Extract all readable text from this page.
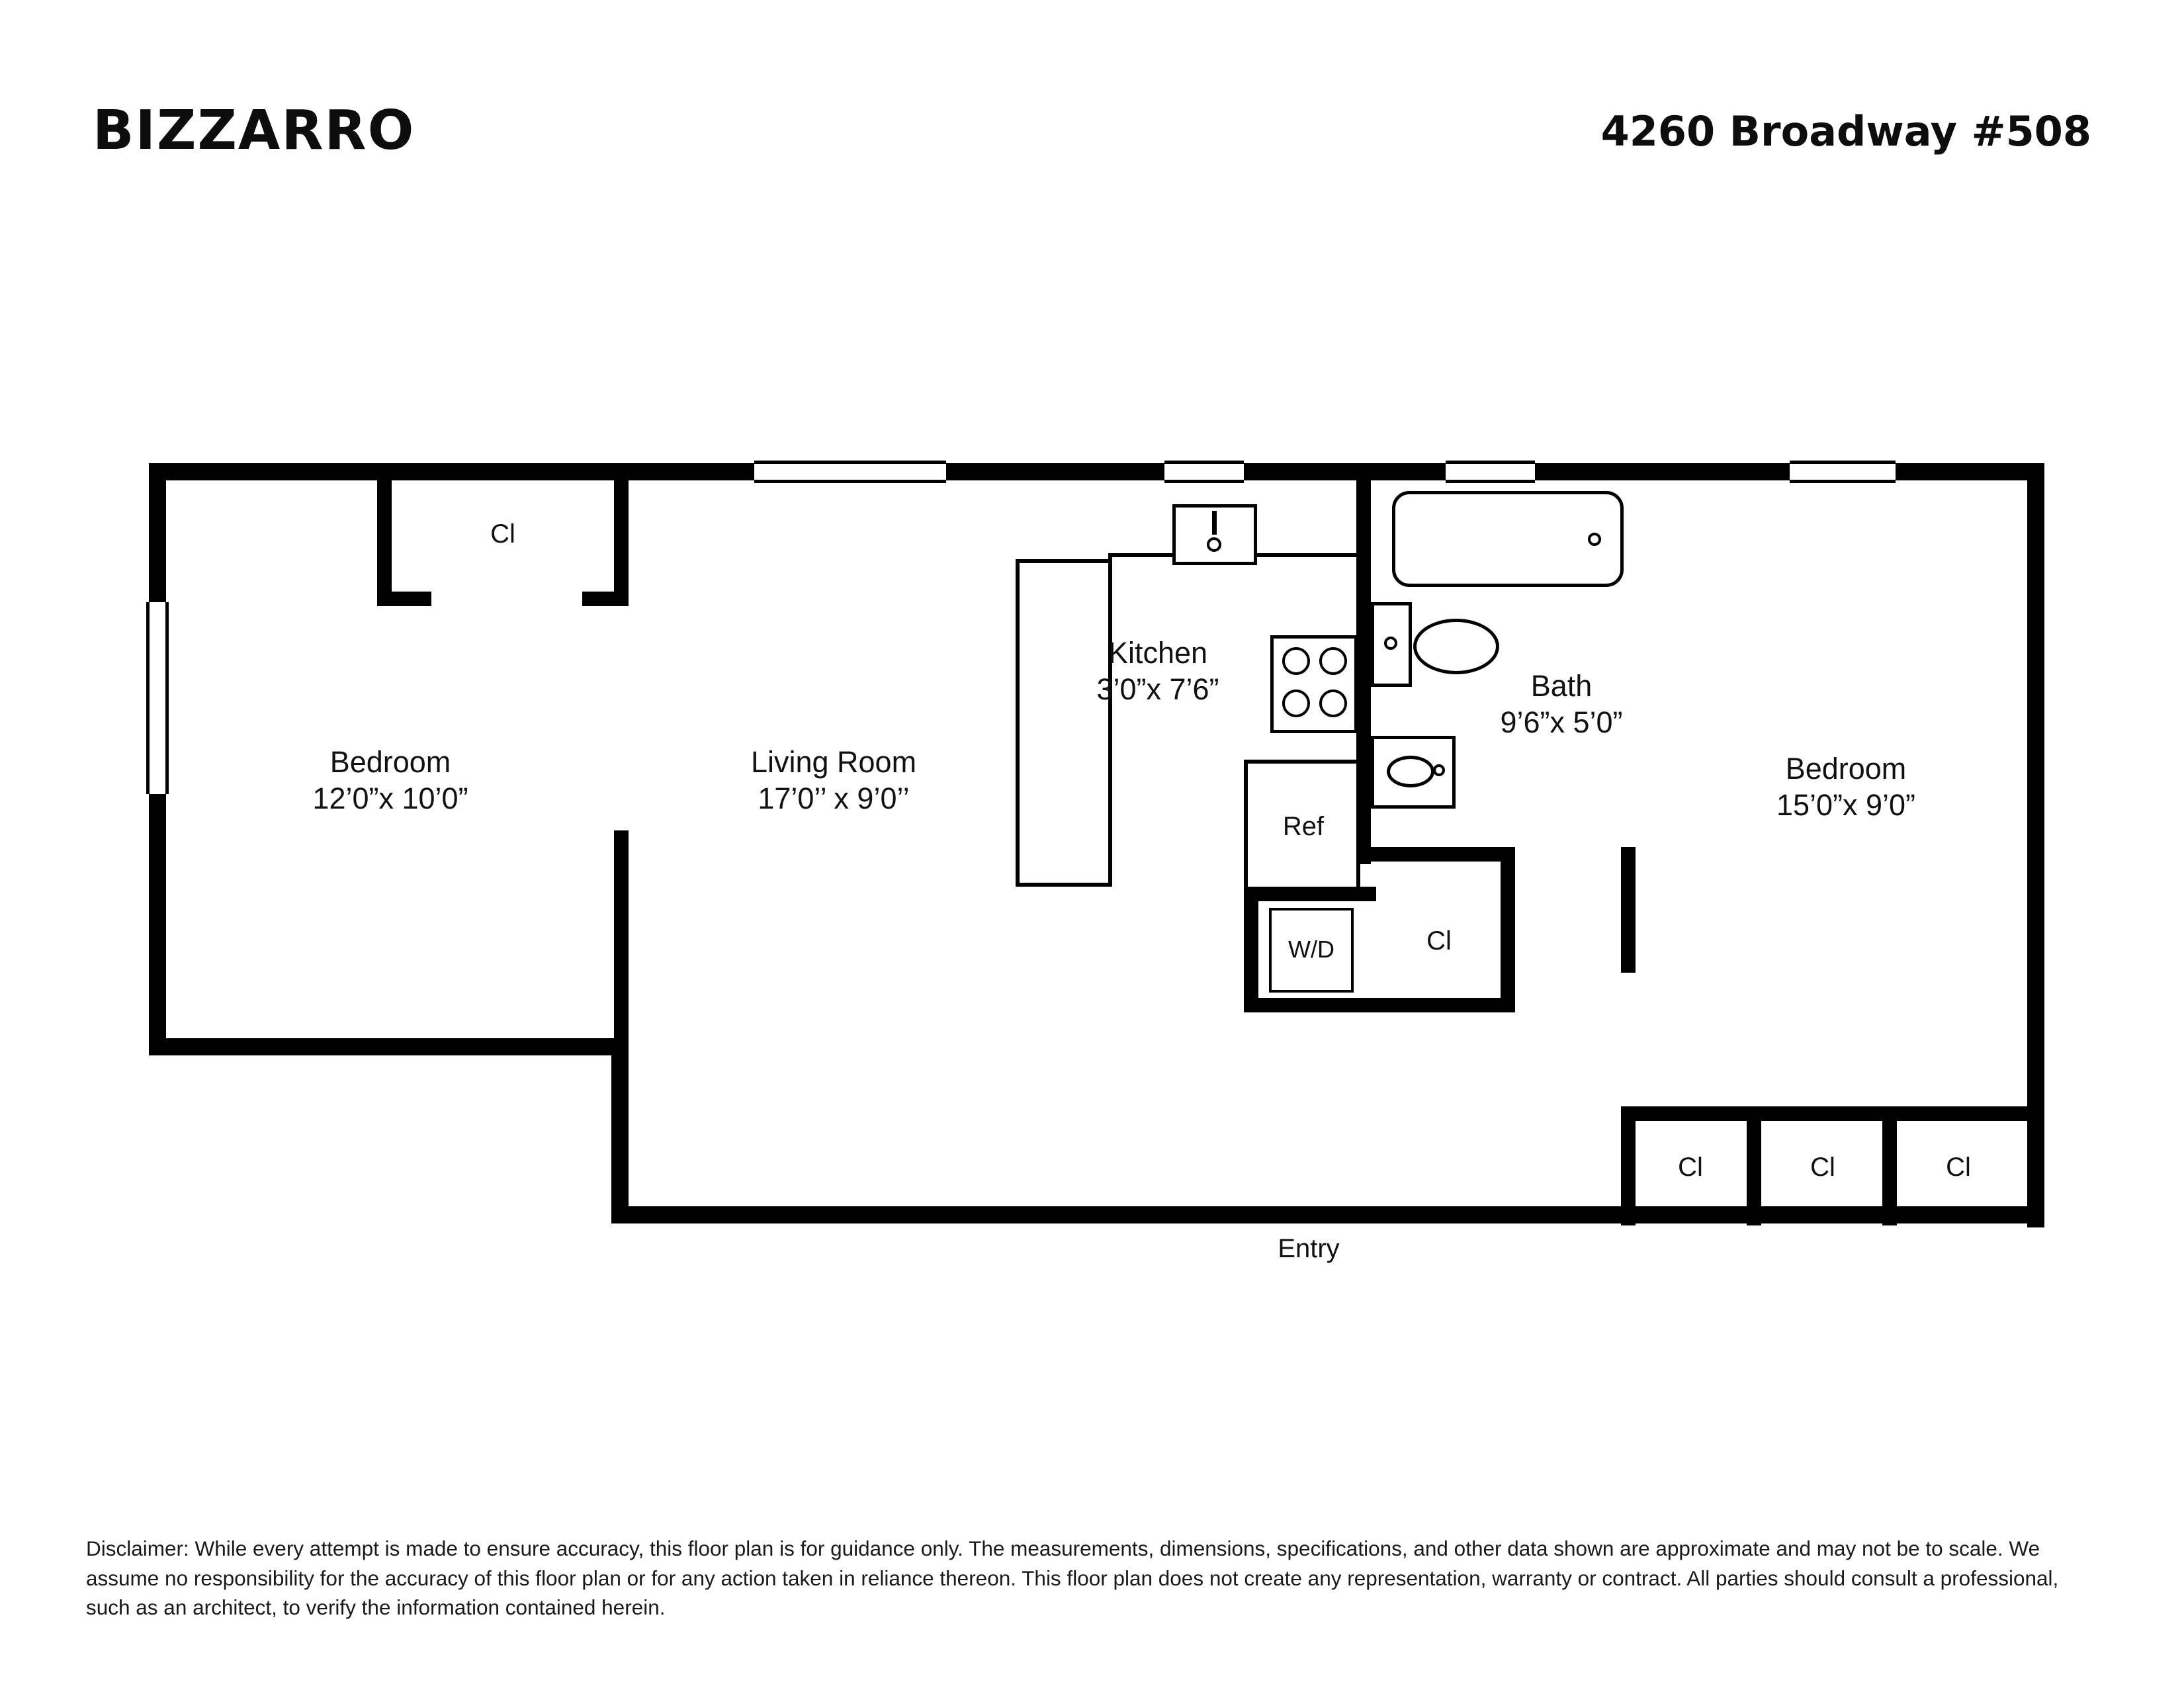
BIZZARRO	4260 Broadway #508
Bedroom
12’0”x 10’0”
Cl
Living Room
17’0’’ x 9’0’’
Ref
Kitchen
3’0”x 7’6”
W/D	Cl
Bath
9’6”x 5’0”
Bedroom
15’0”x 9’0”
Cl	Cl	Cl
Entry
Disclaimer: While every attempt is made to ensure accuracy, this floor plan is for guidance only. The measurements, dimensions, specifications, and other data shown are approximate and may not be to scale. We assume no responsibility for the accuracy of this floor plan or for any action taken in reliance thereon. This floor plan does not create any representation, warranty or contract. All parties should consult a professional, such as an architect, to verify the information contained herein.
